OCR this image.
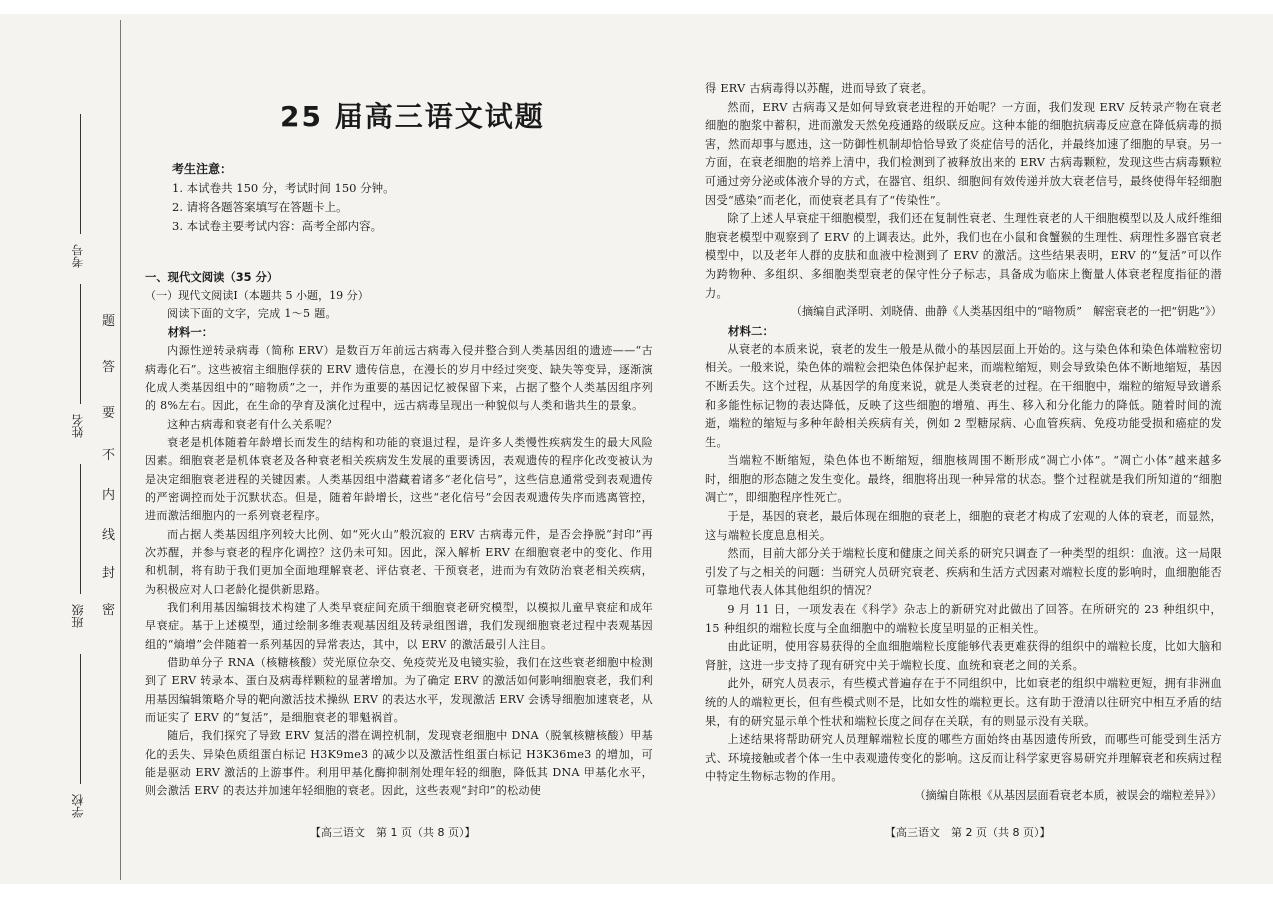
考号
姓名
班级
学校
题
答
要
不
内
线
封
密
25 届高三语文试题
考生注意：
1. 本试卷共 150 分，考试时间 150 分钟。
2. 请将各题答案填写在答题卡上。
3. 本试卷主要考试内容：高考全部内容。

一、现代文阅读（35 分）

（一）现代文阅读Ⅰ（本题共 5 小题，19 分）

阅读下面的文字，完成 1～5 题。

材料一：

内源性逆转录病毒（简称 ERV）是数百万年前远古病毒入侵并整合到人类基因组的遗迹——“古病毒化石”。这些被宿主细胞俘获的 ERV 遗传信息，在漫长的岁月中经过突变、缺失等变异，逐渐演化成人类基因组中的“暗物质”之一，并作为重要的基因记忆被保留下来，占据了整个人类基因组序列的 8%左右。因此，在生命的孕育及演化过程中，远古病毒呈现出一种貌似与人类和谐共生的景象。

这种古病毒和衰老有什么关系呢？

衰老是机体随着年龄增长而发生的结构和功能的衰退过程，是许多人类慢性疾病发生的最大风险因素。细胞衰老是机体衰老及各种衰老相关疾病发生发展的重要诱因，表观遗传的程序化改变被认为是决定细胞衰老进程的关键因素。人类基因组中潜藏着诸多“老化信号”，这些信息通常受到表观遗传的严密调控而处于沉默状态。但是，随着年龄增长，这些“老化信号”会因表观遗传失序而逃离管控，进而激活细胞内的一系列衰老程序。

而占据人类基因组序列较大比例、如“死火山”般沉寂的 ERV 古病毒元件，是否会挣脱“封印”再次苏醒，并参与衰老的程序化调控？这仍未可知。因此，深入解析 ERV 在细胞衰老中的变化、作用和机制，将有助于我们更加全面地理解衰老、评估衰老、干预衰老，进而为有效防治衰老相关疾病，为积极应对人口老龄化提供新思路。

我们利用基因编辑技术构建了人类早衰症间充质干细胞衰老研究模型，以模拟儿童早衰症和成年早衰症。基于上述模型，通过绘制多维表观基因组及转录组图谱，我们发现细胞衰老过程中表观基因组的“熵增”会伴随着一系列基因的异常表达，其中，以 ERV 的激活最引人注目。

借助单分子 RNA（核糖核酸）荧光原位杂交、免疫荧光及电镜实验，我们在这些衰老细胞中检测到了 ERV 转录本、蛋白及病毒样颗粒的显著增加。为了确定 ERV 的激活如何影响细胞衰老，我们利用基因编辑策略介导的靶向激活技术操纵 ERV 的表达水平，发现激活 ERV 会诱导细胞加速衰老，从而证实了 ERV 的“复活”，是细胞衰老的罪魁祸首。

随后，我们探究了导致 ERV 复活的潜在调控机制，发现衰老细胞中 DNA（脱氧核糖核酸）甲基化的丢失、异染色质组蛋白标记 H3K9me3 的减少以及激活性组蛋白标记 H3K36me3 的增加，可能是驱动 ERV 激活的上游事件。利用甲基化酶抑制剂处理年轻的细胞，降低其 DNA 甲基化水平，则会激活 ERV 的表达并加速年轻细胞的衰老。因此，这些表观“封印”的松动使

得 ERV 古病毒得以苏醒，进而导致了衰老。

然而，ERV 古病毒又是如何导致衰老进程的开始呢？一方面，我们发现 ERV 反转录产物在衰老细胞的胞浆中蓄积，进而激发天然免疫通路的级联反应。这种本能的细胞抗病毒反应意在降低病毒的损害，然而却事与愿违，这一防御性机制却恰恰导致了炎症信号的活化，并最终加速了细胞的早衰。另一方面，在衰老细胞的培养上清中，我们检测到了被释放出来的 ERV 古病毒颗粒，发现这些古病毒颗粒可通过旁分泌或体液介导的方式，在器官、组织、细胞间有效传递并放大衰老信号，最终使得年轻细胞因受“感染”而老化，而使衰老具有了“传染性”。

除了上述人早衰症干细胞模型，我们还在复制性衰老、生理性衰老的人干细胞模型以及人成纤维细胞衰老模型中观察到了 ERV 的上调表达。此外，我们也在小鼠和食蟹猴的生理性、病理性多器官衰老模型中，以及老年人群的皮肤和血液中检测到了 ERV 的激活。这些结果表明，ERV 的“复活”可以作为跨物种、多组织、多细胞类型衰老的保守性分子标志，具备成为临床上衡量人体衰老程度指征的潜力。

（摘编自武泽明、刘晓倩、曲静《人类基因组中的“暗物质”　解密衰老的一把“钥匙”》）

材料二：

从衰老的本质来说，衰老的发生一般是从微小的基因层面上开始的。这与染色体和染色体端粒密切相关。一般来说，染色体的端粒会把染色体保护起来，而端粒缩短，则会导致染色体不断地缩短，基因不断丢失。这个过程，从基因学的角度来说，就是人类衰老的过程。在干细胞中，端粒的缩短导致谱系和多能性标记物的表达降低，反映了这些细胞的增殖、再生、移入和分化能力的降低。随着时间的流逝，端粒的缩短与多种年龄相关疾病有关，例如 2 型糖尿病、心血管疾病、免疫功能受损和癌症的发生。

当端粒不断缩短，染色体也不断缩短，细胞核周围不断形成“凋亡小体”。“凋亡小体”越来越多时，细胞的形态随之发生变化。最终，细胞将出现一种异常的状态。整个过程就是我们所知道的“细胞凋亡”，即细胞程序性死亡。

于是，基因的衰老，最后体现在细胞的衰老上，细胞的衰老才构成了宏观的人体的衰老，而显然，这与端粒长度息息相关。

然而，目前大部分关于端粒长度和健康之间关系的研究只调查了一种类型的组织：血液。这一局限引发了与之相关的问题：当研究人员研究衰老、疾病和生活方式因素对端粒长度的影响时，血细胞能否可靠地代表人体其他组织的情况？

9 月 11 日，一项发表在《科学》杂志上的新研究对此做出了回答。在所研究的 23 种组织中，15 种组织的端粒长度与全血细胞中的端粒长度呈明显的正相关性。

由此证明，使用容易获得的全血细胞端粒长度能够代表更难获得的组织中的端粒长度，比如大脑和肾脏，这进一步支持了现有研究中关于端粒长度、血统和衰老之间的关系。

此外，研究人员表示，有些模式普遍存在于不同组织中，比如衰老的组织中端粒更短，拥有非洲血统的人的端粒更长，但有些模式则不是，比如女性的端粒更长。这有助于澄清以往研究中相互矛盾的结果，有的研究显示单个性状和端粒长度之间存在关联，有的则显示没有关联。

上述结果将帮助研究人员理解端粒长度的哪些方面始终由基因遗传所致，而哪些可能受到生活方式、环境接触或者个体一生中表观遗传变化的影响。这反而让科学家更容易研究并理解衰老和疾病过程中特定生物标志物的作用。

（摘编自陈根《从基因层面看衰老本质，被误会的端粒差异》）

【高三语文　第 1 页（共 8 页）】	【高三语文　第 2 页（共 8 页）】
